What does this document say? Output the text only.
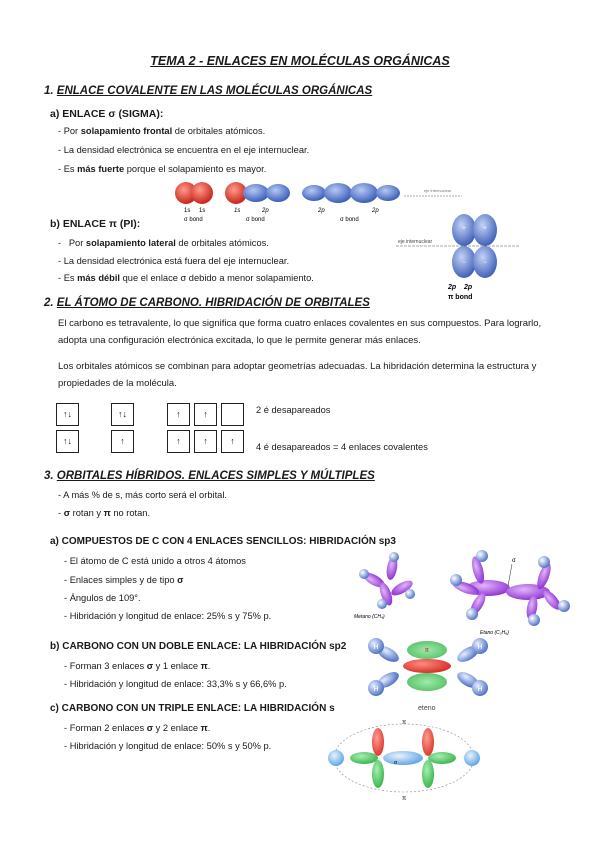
TEMA 2 - ENLACES EN MOLÉCULAS ORGÁNICAS
1. ENLACE COVALENTE EN LAS MOLÉCULAS ORGÁNICAS
a) ENLACE σ (SIGMA):
- Por solapamiento frontal de orbitales atómicos.
- La densidad electrónica se encuentra en el eje internuclear.
- Es más fuerte porque el solapamiento es mayor.
eje internuclear
1s 1s
σ bond
1s	2p
σ bond
2p	2p
σ bond
b) ENLACE π (PI):
-   Por solapamiento lateral de orbitales atómicos.
- La densidad electrónica está fuera del eje internuclear.
- Es más débil que el enlace σ debido a menor solapamiento.
eje internuclear
+	+
−	−
2p 2p
π bond
2. EL ÁTOMO DE CARBONO. HIBRIDACIÓN DE ORBITALES
El carbono es tetravalente, lo que significa que forma cuatro enlaces covalentes en sus compuestos. Para lograrlo, adopta una configuración electrónica excitada, lo que le permite generar más enlaces.
Los orbitales atómicos se combinan para adoptar geometrías adecuadas. La hibridación determina la estructura y propiedades de la molécula.
↑↓	↑↓	↑	↑
↑↓	↑	↑	↑	↑
2 é desapareados
4 é desapareados = 4 enlaces covalentes
3. ORBITALES HÍBRIDOS. ENLACES SIMPLES Y MÚLTIPLES
- A más % de s, más corto será el orbital.
- σ rotan y π no rotan.
a) COMPUESTOS DE C CON 4 ENLACES SENCILLOS: HIBRIDACIÓN sp3
- El átomo de C está unido a otros 4 átomos
- Enlaces simples y de tipo σ
- Ángulos de 109°.
- Hibridación y longitud de enlace: 25% s y 75% p.	Metano (CH₄)
σ
Etano (C₂H₆)
b) CARBONO CON UN DOBLE ENLACE: LA HIBRIDACIÓN sp2
- Forman 3 enlaces σ y 1 enlace π.
- Hibridación y longitud de enlace: 33,3% s y 66,6% p.
π
H
H
H
H
eteno
c) CARBONO CON UN TRIPLE ENLACE: LA HIBRIDACIÓN s
- Forman 2 enlaces σ y 2 enlace π.
- Hibridación y longitud de enlace: 50% s y 50% p.
π
π
σ
